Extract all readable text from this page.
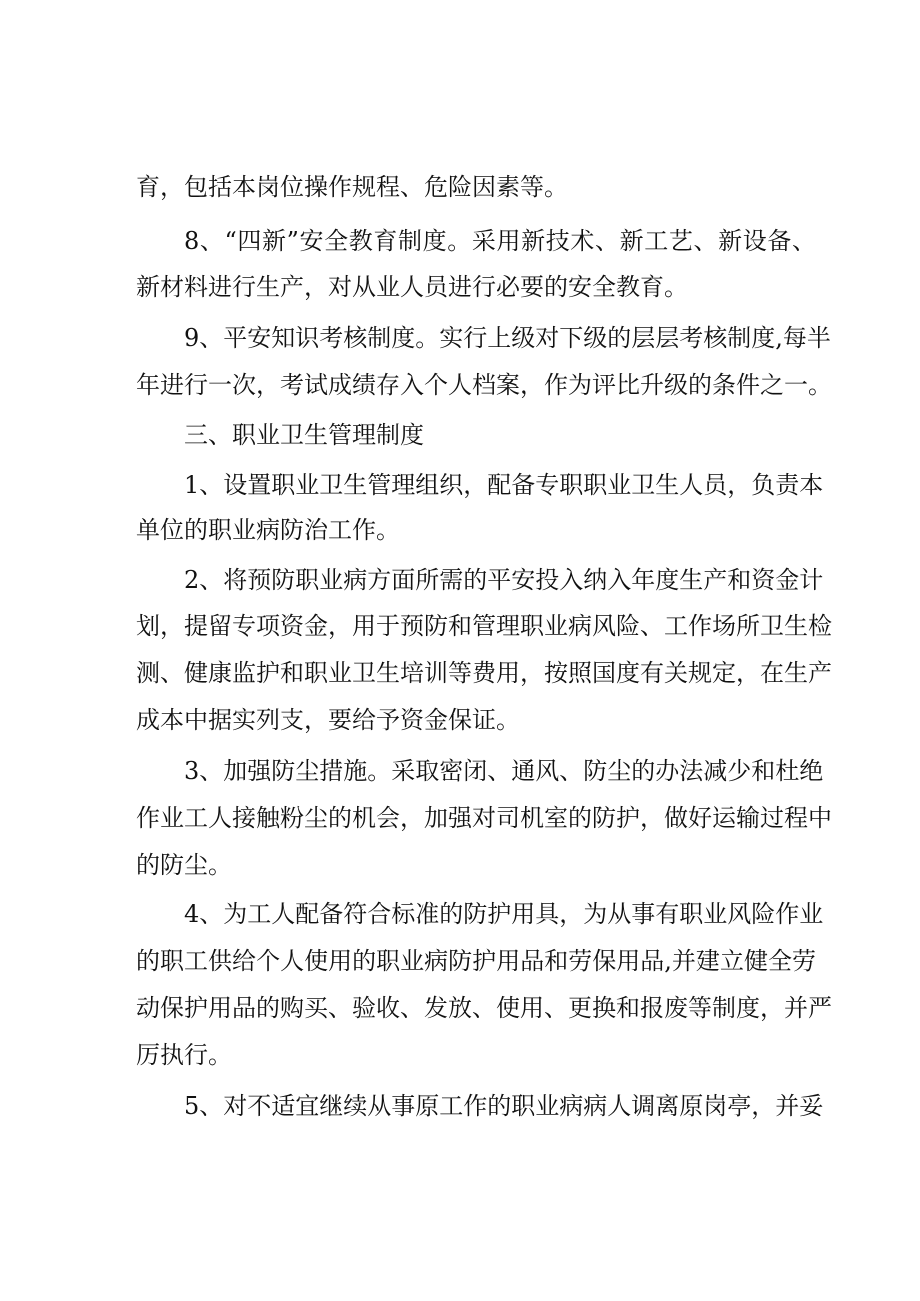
育，包括本岗位操作规程、危险因素等。
8、“四新”安全教育制度。采用新技术、新工艺、新设备、
新材料进行生产，对从业人员进行必要的安全教育。
9、平安知识考核制度。实行上级对下级的层层考核制度,每半
年进行一次，考试成绩存入个人档案，作为评比升级的条件之一。
三、职业卫生管理制度
1、设置职业卫生管理组织，配备专职职业卫生人员，负责本
单位的职业病防治工作。
2、将预防职业病方面所需的平安投入纳入年度生产和资金计
划，提留专项资金，用于预防和管理职业病风险、工作场所卫生检
测、健康监护和职业卫生培训等费用，按照国度有关规定，在生产
成本中据实列支，要给予资金保证。
3、加强防尘措施。采取密闭、通风、防尘的办法减少和杜绝
作业工人接触粉尘的机会，加强对司机室的防护，做好运输过程中
的防尘。
4、为工人配备符合标准的防护用具，为从事有职业风险作业
的职工供给个人使用的职业病防护用品和劳保用品,并建立健全劳
动保护用品的购买、验收、发放、使用、更换和报废等制度，并严
厉执行。
5、对不适宜继续从事原工作的职业病病人调离原岗亭，并妥
